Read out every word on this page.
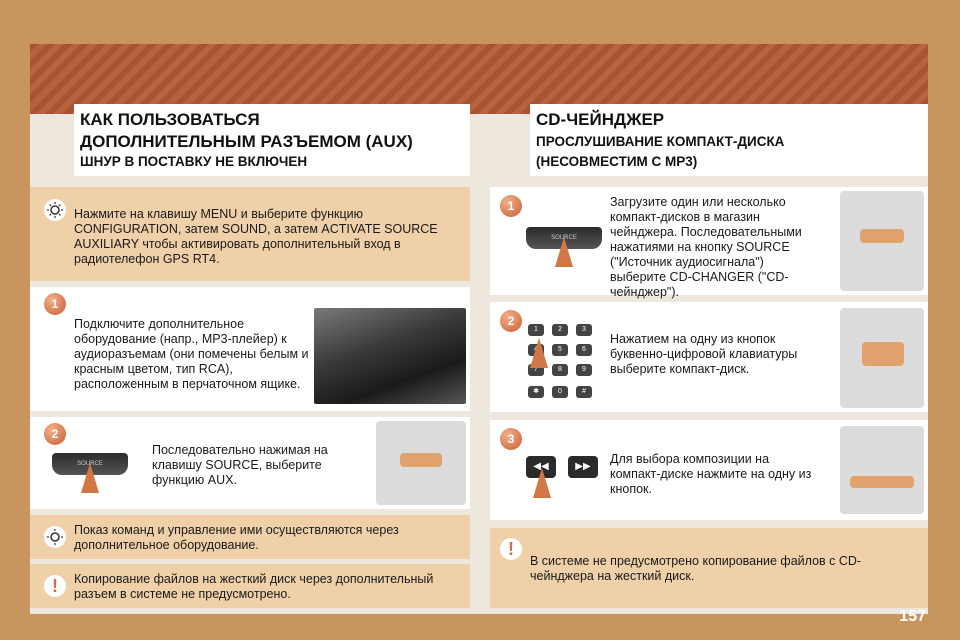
КАК ПОЛЬЗОВАТЬСЯ
ДОПОЛНИТЕЛЬНЫМ РАЗЪЕМОМ (AUX)
ШНУР В ПОСТАВКУ НЕ ВКЛЮЧЕН
CD-ЧЕЙНДЖЕР
ПРОСЛУШИВАНИЕ КОМПАКТ-ДИСКА
(НЕСОВМЕСТИМ С MP3)

Нажмите на клавишу MENU и выберите функцию CONFIGURATION, затем SOUND, а затем ACTIVATE SOURCE AUXILIARY чтобы активировать дополнительный вход в радиотелефон GPS RT4.

1

Подключите дополнительное оборудование (напр., MP3-плейер) к аудиоразъемам (они помечены белым и красным цветом, тип RCA), расположенным в перчаточном ящике.

2
SOURCE

Последовательно нажимая на клавишу SOURCE, выберите функцию AUX.

Показ команд и управление ими осуществляются через дополнительное оборудование.

!	Копирование файлов на жесткий диск через дополнительный разъем в системе не предусмотрено.

1
SOURCE

Загрузите один или несколько компакт-дисков в магазин чейнджера. Последовательными нажатиями на кнопку SOURCE ("Источник аудиосигнала") выберите CD-CHANGER ("CD-чейнджер").

2
1	2	3
4	5	6
7	8	9
✱	0	#

Нажатием на одну из кнопок буквенно-цифровой клавиатуры выберите компакт-диск.

3
◀◀	▶▶

Для выбора композиции на компакт-диске нажмите на одну из кнопок.

!

В системе не предусмотрено копирование файлов с CD-чейнджера на жесткий диск.

157
